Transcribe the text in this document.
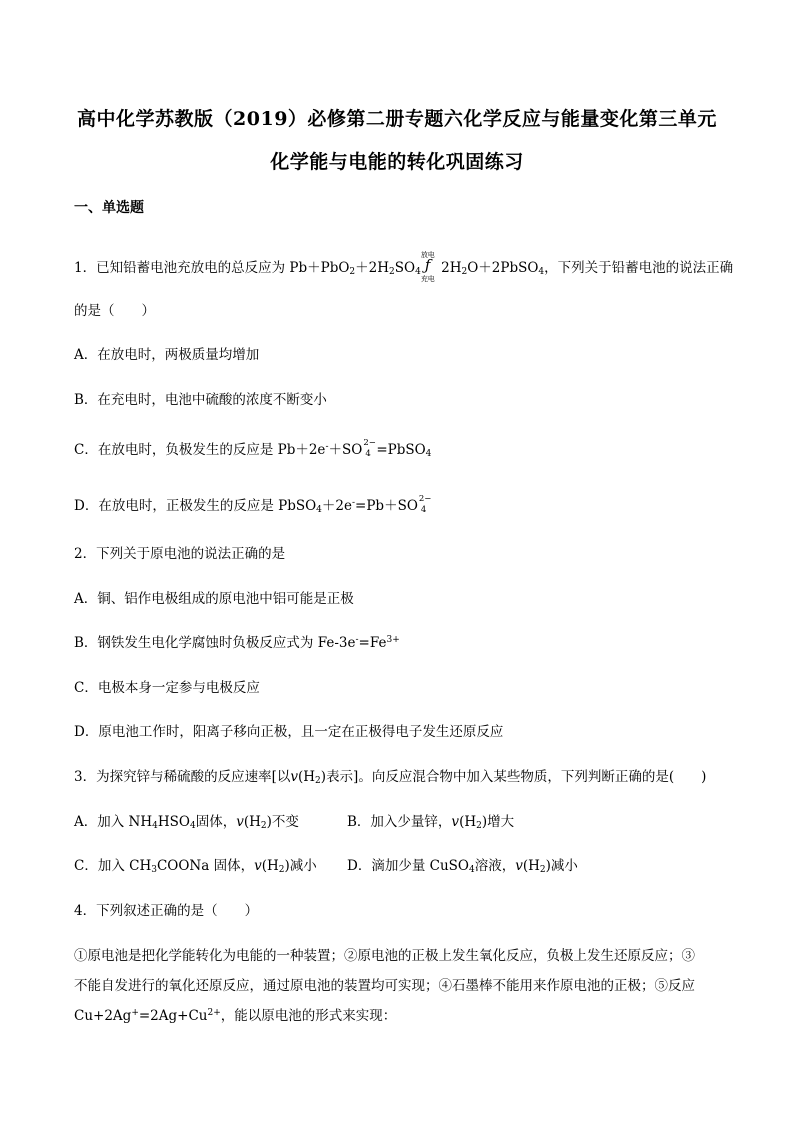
高中化学苏教版（2019）必修第二册专题六化学反应与能量变化第三单元
化学能与电能的转化巩固练习
一、单选题
1．已知铅蓄电池充放电的总反应为 $Pb+PbO_2+2H_2SO_4$
放电
ƒ
充电
$2H_2O+2PbSO_4$，下列关于铅蓄电池的说法正确
的是（　　）
A．在放电时，两极质量均增加
B．在充电时，电池中硫酸的浓度不断变小
C．在放电时，负极发生的反应是 Pb＋2e-＋SO 2−
4 =PbSO$_4$
D．在放电时，正极发生的反应是 PbSO$_4$＋2e-=Pb＋SO 2−
4
2．下列关于原电池的说法正确的是
A．铜、铝作电极组成的原电池中铝可能是正极
B．钢铁发生电化学腐蚀时负极反应式为 $Fe-3e^-=Fe^{3+}$
C．电极本身一定参与电极反应
D．原电池工作时，阳离子移向正极，且一定在正极得电子发生还原反应
3．为探究锌与稀硫酸的反应速率[以$v(H_2)$表示]。向反应混合物中加入某些物质，下列判断正确的是(　　)
A．加入 $NH_4HSO_4$固体，$v(H_2)$不变	B．加入少量锌，$v(H_2)$增大
C．加入 $CH_3COONa$ 固体，$v(H_2)$减小 D．滴加少量 CuSO$_4$溶液，$v(H_2)$减小
4．下列叙述正确的是（　　）
①原电池是把化学能转化为电能的一种装置；②原电池的正极上发生氧化反应，负极上发生还原反应；③
不能自发进行的氧化还原反应，通过原电池的装置均可实现；④石墨棒不能用来作原电池的正极；⑤反应
$Cu+2Ag^+=2Ag+Cu^{2+}$，能以原电池的形式来实现：
